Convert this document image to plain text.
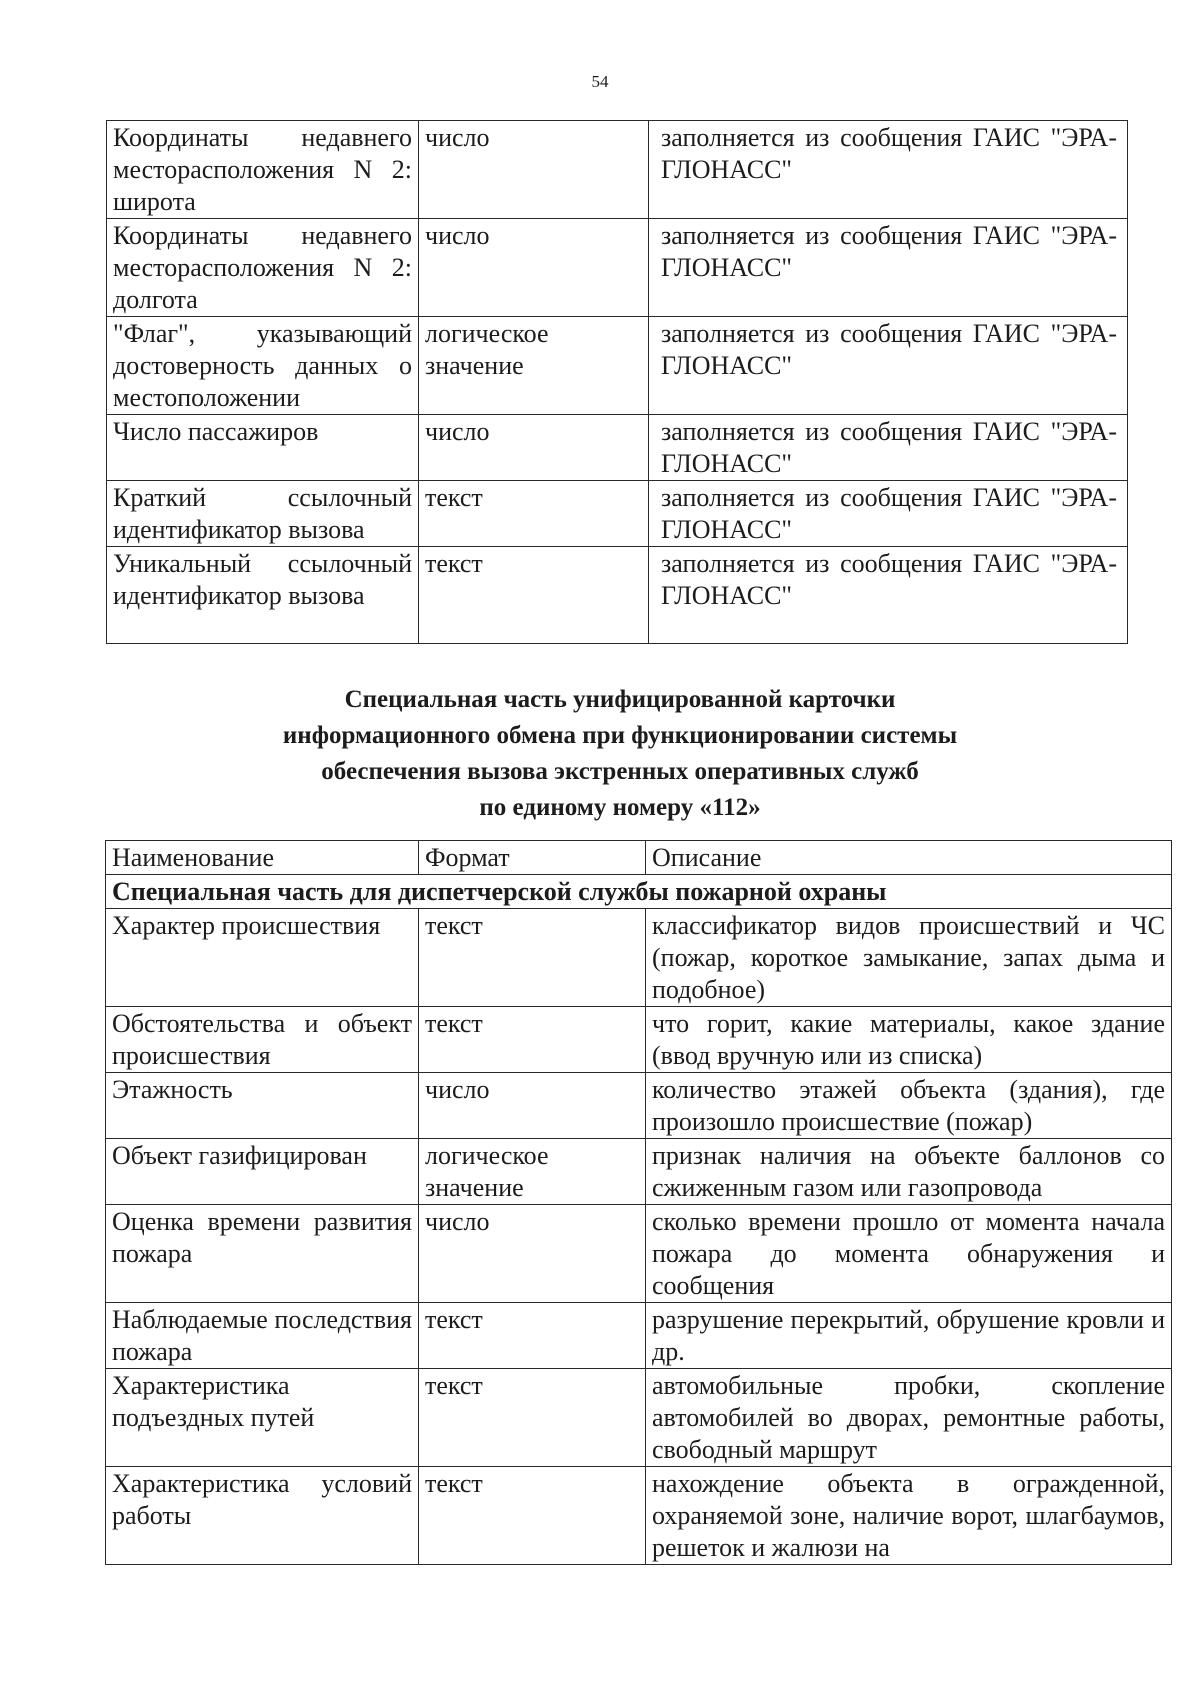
54
Координаты недавнего месторасположения N 2: широта	число	заполняется из сообщения ГАИС "ЭРА-ГЛОНАСС"
Координаты недавнего месторасположения N 2: долгота	число	заполняется из сообщения ГАИС "ЭРА-ГЛОНАСС"
"Флаг", указывающий достоверность данных о местоположении	логическое значение	заполняется из сообщения ГАИС "ЭРА-ГЛОНАСС"
Число пассажиров	число	заполняется из сообщения ГАИС "ЭРА-ГЛОНАСС"
Краткий ссылочный идентификатор вызова	текст	заполняется из сообщения ГАИС "ЭРА-ГЛОНАСС"
Уникальный ссылочный идентификатор вызова	текст	заполняется из сообщения ГАИС "ЭРА-ГЛОНАСС"
Специальная часть унифицированной карточки
информационного обмена при функционировании системы
обеспечения вызова экстренных оперативных служб
по единому номеру «112»
Наименование	Формат	Описание
Специальная часть для диспетчерской службы пожарной охраны		
Характер происшествия	текст	классификатор видов происшествий и ЧС (пожар, короткое замыкание, запах дыма и подобное)
Обстоятельства и объект происшествия	текст	что горит, какие материалы, какое здание (ввод вручную или из списка)
Этажность	число	количество этажей объекта (здания), где произошло происшествие (пожар)
Объект газифицирован	логическое значение	признак наличия на объекте баллонов со сжиженным газом или газопровода
Оценка времени развития пожара	число	сколько времени прошло от момента начала пожара до момента обнаружения и сообщения
Наблюдаемые последствия пожара	текст	разрушение перекрытий, обрушение кровли и др.
Характеристика подъездных путей	текст	автомобильные пробки, скопление автомобилей во дворах, ремонтные работы, свободный маршрут
Характеристика условий работы	текст	нахождение объекта в огражденной, охраняемой зоне, наличие ворот, шлагбаумов, решеток и жалюзи на
